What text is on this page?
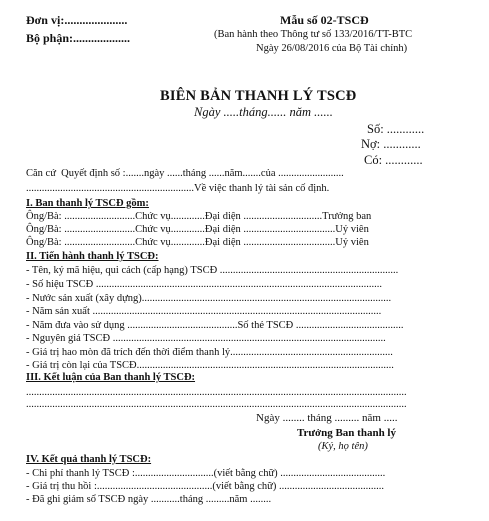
Đơn vị:.....................
Bộ phận:...................
Mẫu số 02-TSCĐ
(Ban hành theo Thông tư số 133/2016/TT-BTC
Ngày 26/08/2016 của Bộ Tài chính)
BIÊN BẢN THANH LÝ TSCĐ
Ngày .....tháng...... năm ......
Số: ............
Nợ: ............
Có: ............
Căn cứ  Quyết định số :.......ngày ......tháng ......năm.......của .........................
................................................................Về việc thanh lý tài sản cố định.
I. Ban thanh lý TSCĐ gồm:
Ông/Bà: ...........................Chức vụ.............Đại diện ..............................Trưởng ban
Ông/Bà: ...........................Chức vụ.............Đại diện ...................................Uỷ viên
Ông/Bà: ...........................Chức vụ.............Đại diện ...................................Uỷ viên
II. Tiến hành thanh lý TSCĐ:
- Tên, ký mã hiệu, qui cách (cấp hạng) TSCĐ ....................................................................
- Số hiệu TSCĐ .............................................................................................................
- Nước sản xuất (xây dựng)...............................................................................................
- Năm sản xuất ..............................................................................................................
- Năm đưa vào sử dụng ..........................................Số thẻ TSCĐ .........................................
- Nguyên giá TSCĐ ........................................................................................................
- Giá trị hao mòn đã trích đến thời điểm thanh lý..............................................................
- Giá trị còn lại của TSCĐ..................................................................................................
III. Kết luận của Ban thanh lý TSCĐ:
.................................................................................................................................................
.................................................................................................................................................
Ngày ........ tháng ......... năm .....
Trưởng Ban thanh lý
(Ký, họ tên)
IV. Kết quả thanh lý TSCĐ:
- Chi phí thanh lý TSCĐ :..............................(viết bằng chữ) ........................................
- Giá trị thu hồi :............................................(viết bằng chữ) ........................................
- Đã ghi giảm sổ TSCĐ ngày ...........tháng .........năm ........
